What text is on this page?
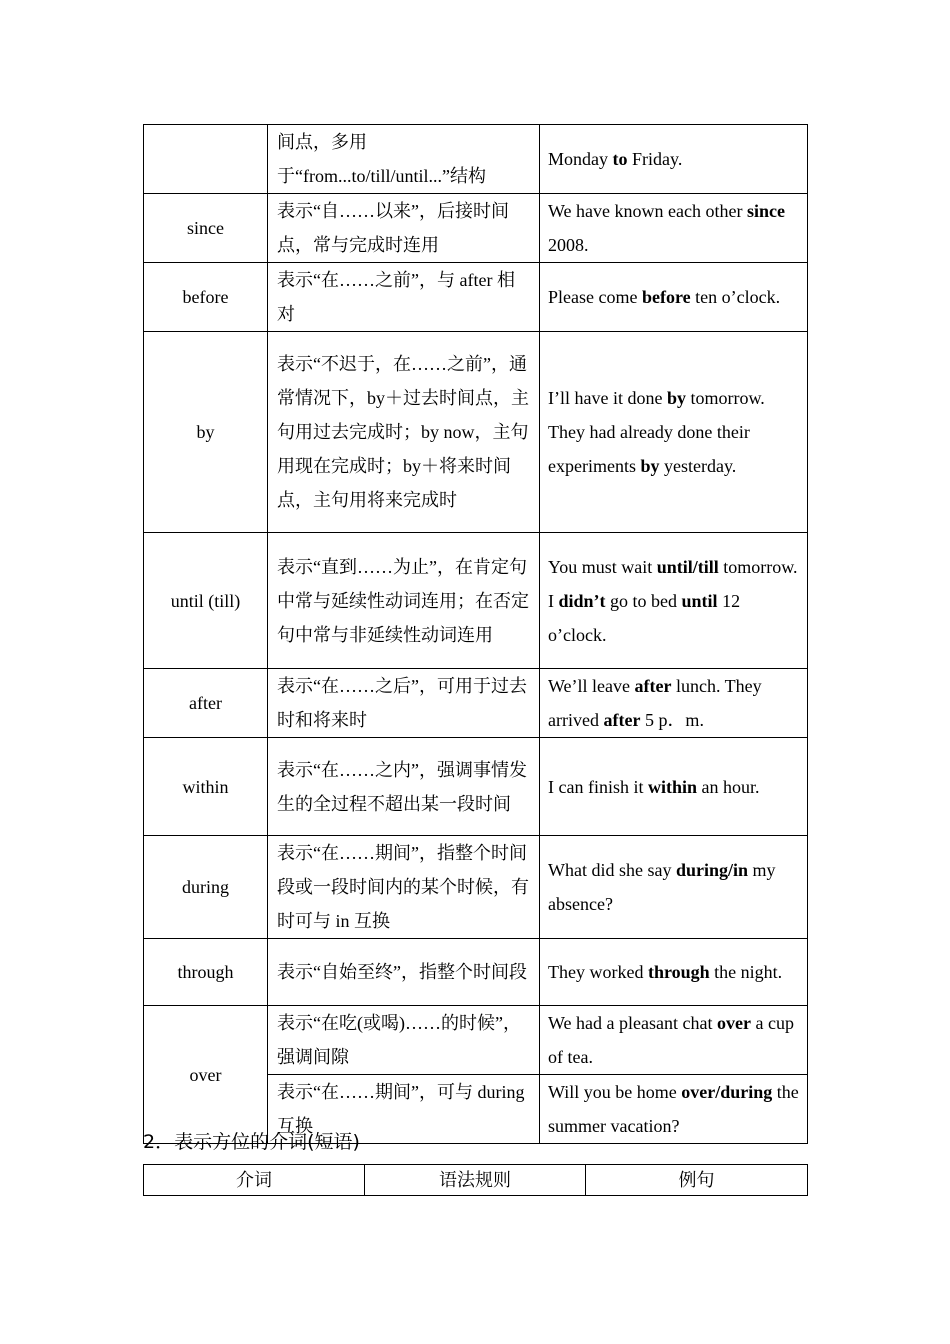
	间点，多用于“from...to/till/until...”结构	Monday to Friday.
since	表示“自……以来”，后接时间点，常与完成时连用	We have known each other since 2008.
before	表示“在……之前”，与 after 相对	Please come before ten o’clock.
by	表示“不迟于，在……之前”，通常情况下，by＋过去时间点，主句用过去完成时；by now，主句用现在完成时；by＋将来时间点，主句用将来完成时	I’ll have it done by tomorrow. They had already done their experiments by yesterday.
until (till)	表示“直到……为止”，在肯定句中常与延续性动词连用；在否定句中常与非延续性动词连用	You must wait until/till tomorrow. I didn’t go to bed until 12 o’clock.
after	表示“在……之后”，可用于过去时和将来时	We’ll leave after lunch. They arrived after 5 p．m.
within	表示“在……之内”，强调事情发生的全过程不超出某一段时间	I can finish it within an hour.
during	表示“在……期间”，指整个时间段或一段时间内的某个时候，有时可与 in 互换	What did she say during/in my absence?
through	表示“自始至终”，指整个时间段	They worked through the night.
over	表示“在吃(或喝)……的时候”，强调间隙	We had a pleasant chat over a cup of tea.
	表示“在……期间”，可与 during 互换	Will you be home over/during the summer vacation?
2．表示方位的介词(短语)
介词	语法规则	例句
